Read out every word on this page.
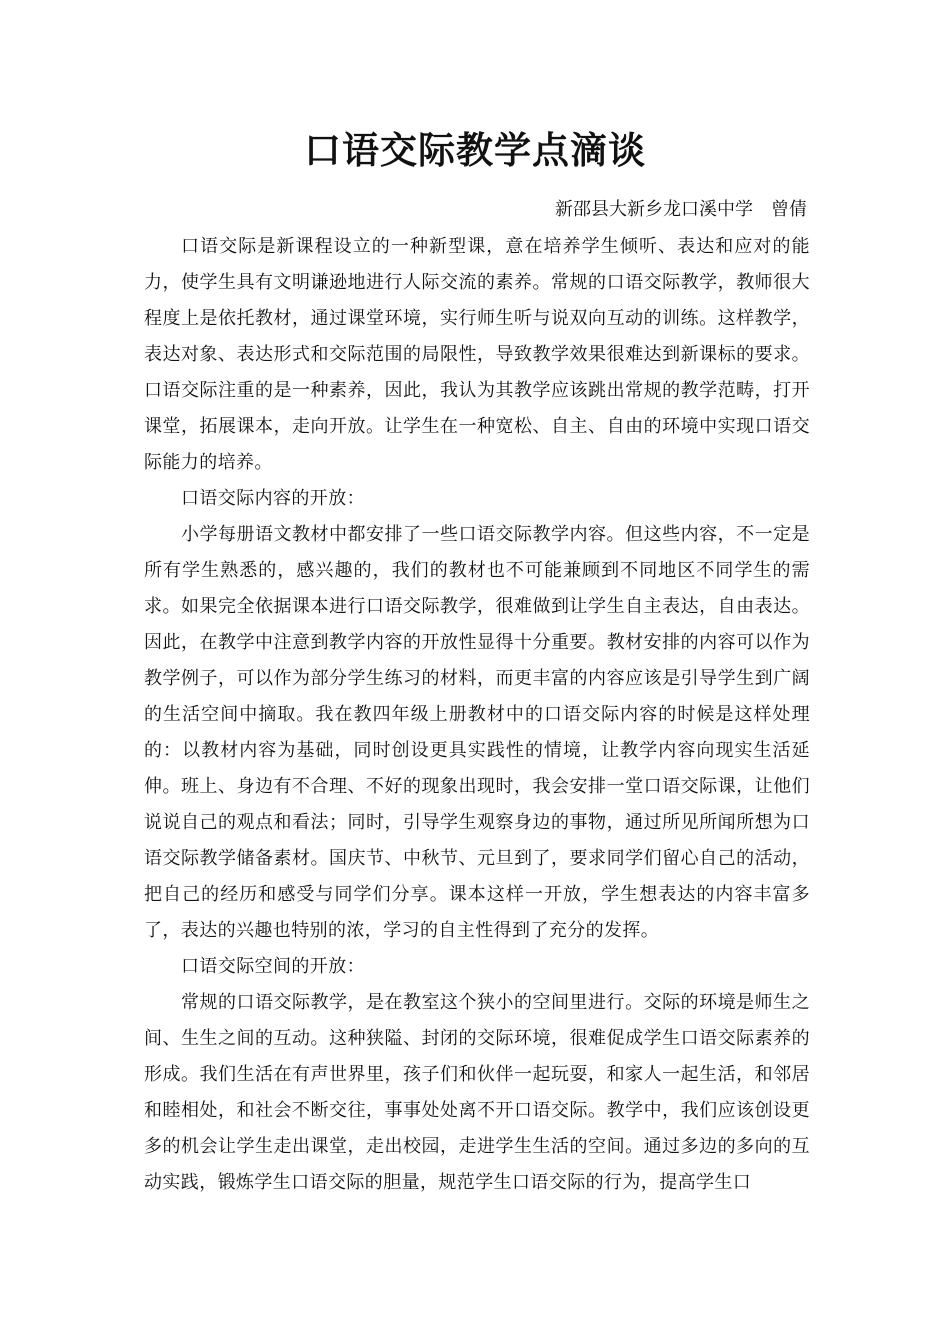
口语交际教学点滴谈
新邵县大新乡龙口溪中学　曾倩

口语交际是新课程设立的一种新型课，意在培养学生倾听、表达和应对的能力，使学生具有文明谦逊地进行人际交流的素养。常规的口语交际教学，教师很大程度上是依托教材，通过课堂环境，实行师生听与说双向互动的训练。这样教学，表达对象、表达形式和交际范围的局限性，导致教学效果很难达到新课标的要求。口语交际注重的是一种素养，因此，我认为其教学应该跳出常规的教学范畴，打开课堂，拓展课本，走向开放。让学生在一种宽松、自主、自由的环境中实现口语交际能力的培养。

口语交际内容的开放：

小学每册语文教材中都安排了一些口语交际教学内容。但这些内容，不一定是所有学生熟悉的，感兴趣的，我们的教材也不可能兼顾到不同地区不同学生的需求。如果完全依据课本进行口语交际教学，很难做到让学生自主表达，自由表达。因此，在教学中注意到教学内容的开放性显得十分重要。教材安排的内容可以作为教学例子，可以作为部分学生练习的材料，而更丰富的内容应该是引导学生到广阔的生活空间中摘取。我在教四年级上册教材中的口语交际内容的时候是这样处理的：以教材内容为基础，同时创设更具实践性的情境，让教学内容向现实生活延伸。班上、身边有不合理、不好的现象出现时，我会安排一堂口语交际课，让他们说说自己的观点和看法；同时，引导学生观察身边的事物，通过所见所闻所想为口语交际教学储备素材。国庆节、中秋节、元旦到了，要求同学们留心自己的活动，把自己的经历和感受与同学们分享。课本这样一开放，学生想表达的内容丰富多了，表达的兴趣也特别的浓，学习的自主性得到了充分的发挥。

口语交际空间的开放：

常规的口语交际教学，是在教室这个狭小的空间里进行。交际的环境是师生之间、生生之间的互动。这种狭隘、封闭的交际环境，很难促成学生口语交际素养的形成。我们生活在有声世界里，孩子们和伙伴一起玩耍，和家人一起生活，和邻居和睦相处，和社会不断交往，事事处处离不开口语交际。教学中，我们应该创设更多的机会让学生走出课堂，走出校园，走进学生生活的空间。通过多边的多向的互动实践，锻炼学生口语交际的胆量，规范学生口语交际的行为，提高学生口
